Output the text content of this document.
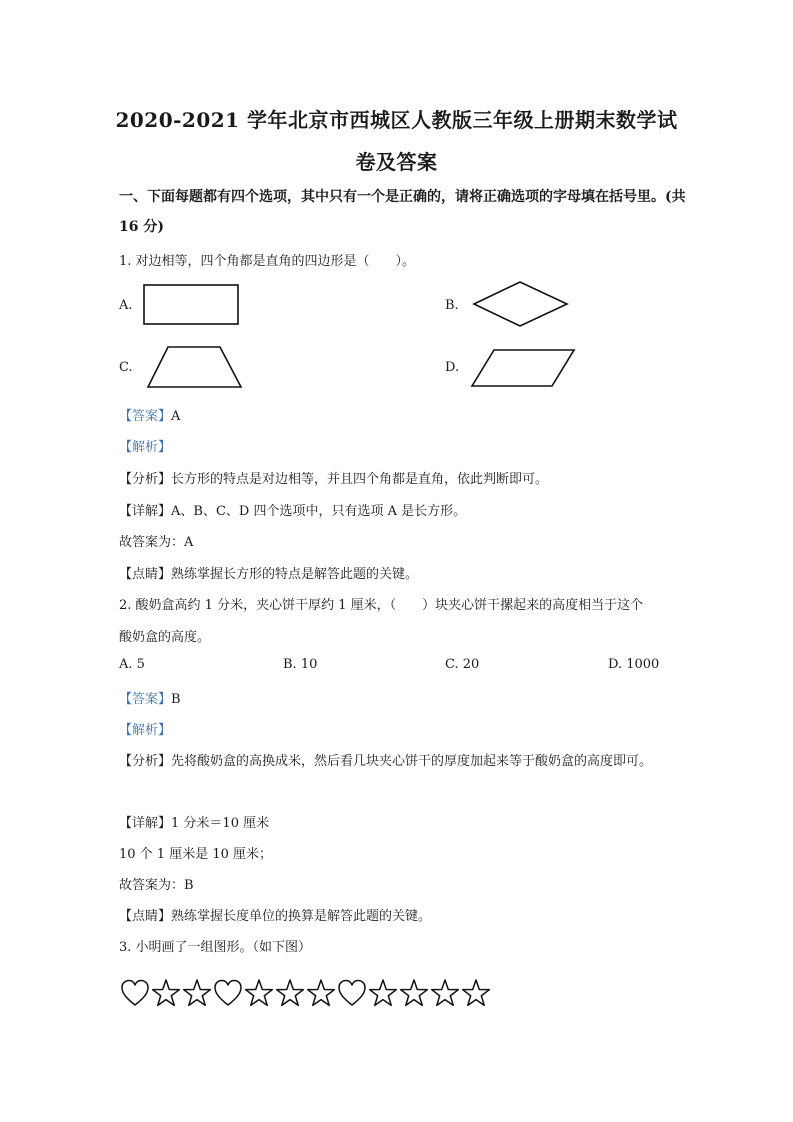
2020-2021 学年北京市西城区人教版三年级上册期末数学试
卷及答案
一、下面每题都有四个选项，其中只有一个是正确的，请将正确选项的字母填在括号里。(共
16 分)
1. 对边相等，四个角都是直角的四边形是（　　）。
A.	B.
C.	D.
【答案】A
【解析】
【分析】长方形的特点是对边相等，并且四个角都是直角，依此判断即可。
【详解】A、B、C、D 四个选项中，只有选项 A 是长方形。
故答案为：A
【点睛】熟练掌握长方形的特点是解答此题的关键。
2. 酸奶盒高约 1 分米，夹心饼干厚约 1 厘米，（　　）块夹心饼干摞起来的高度相当于这个
酸奶盒的高度。
A. 5	B. 10	C. 20	D. 1000
【答案】B
【解析】
【分析】先将酸奶盒的高换成米，然后看几块夹心饼干的厚度加起来等于酸奶盒的高度即可。
【详解】1 分米＝10 厘米
10 个 1 厘米是 10 厘米；
故答案为：B
【点睛】熟练掌握长度单位的换算是解答此题的关键。
3. 小明画了一组图形。（如下图）
